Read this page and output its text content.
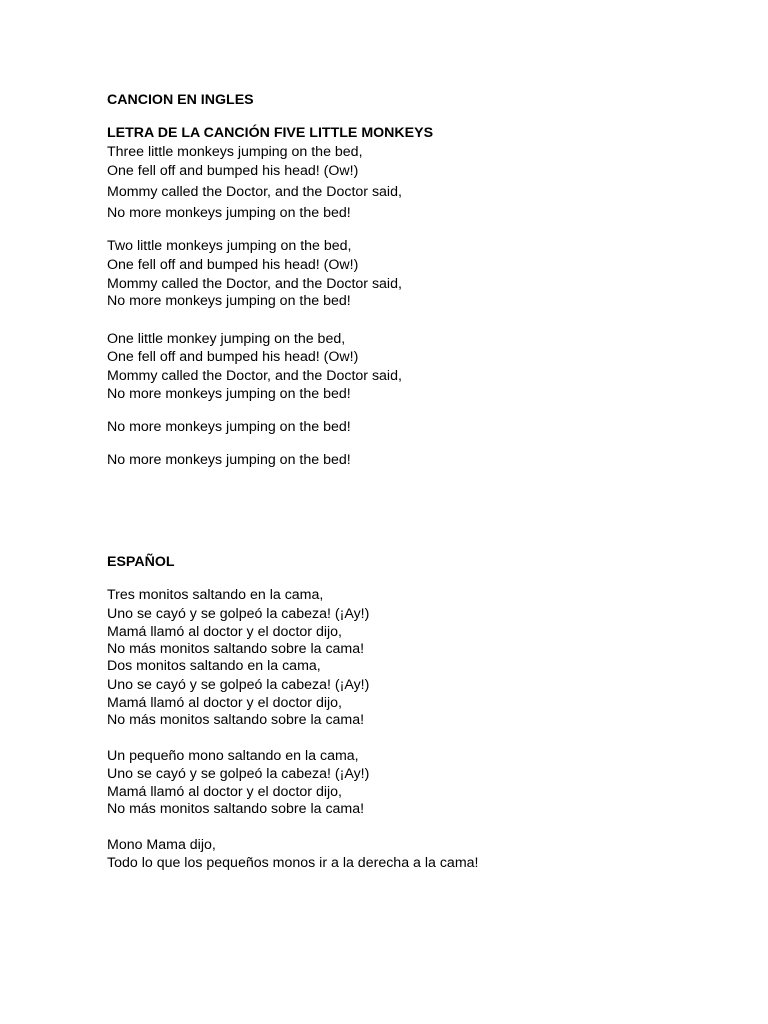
CANCION EN INGLES

LETRA DE LA CANCIÓN FIVE LITTLE MONKEYS

Three little monkeys jumping on the bed,

One fell off and bumped his head! (Ow!)

Mommy called the Doctor, and the Doctor said,

No more monkeys jumping on the bed!

Two little monkeys jumping on the bed,

One fell off and bumped his head! (Ow!)

Mommy called the Doctor, and the Doctor said,

No more monkeys jumping on the bed!

One little monkey jumping on the bed,

One fell off and bumped his head! (Ow!)

Mommy called the Doctor, and the Doctor said,

No more monkeys jumping on the bed!

No more monkeys jumping on the bed!

No more monkeys jumping on the bed!

ESPAÑOL

Tres monitos saltando en la cama,

Uno se cayó y se golpeó la cabeza! (¡Ay!)

Mamá llamó al doctor y el doctor dijo,

No más monitos saltando sobre la cama!

Dos monitos saltando en la cama,

Uno se cayó y se golpeó la cabeza! (¡Ay!)

Mamá llamó al doctor y el doctor dijo,

No más monitos saltando sobre la cama!

Un pequeño mono saltando en la cama,

Uno se cayó y se golpeó la cabeza! (¡Ay!)

Mamá llamó al doctor y el doctor dijo,

No más monitos saltando sobre la cama!

Mono Mama dijo,

Todo lo que los pequeños monos ir a la derecha a la cama!
